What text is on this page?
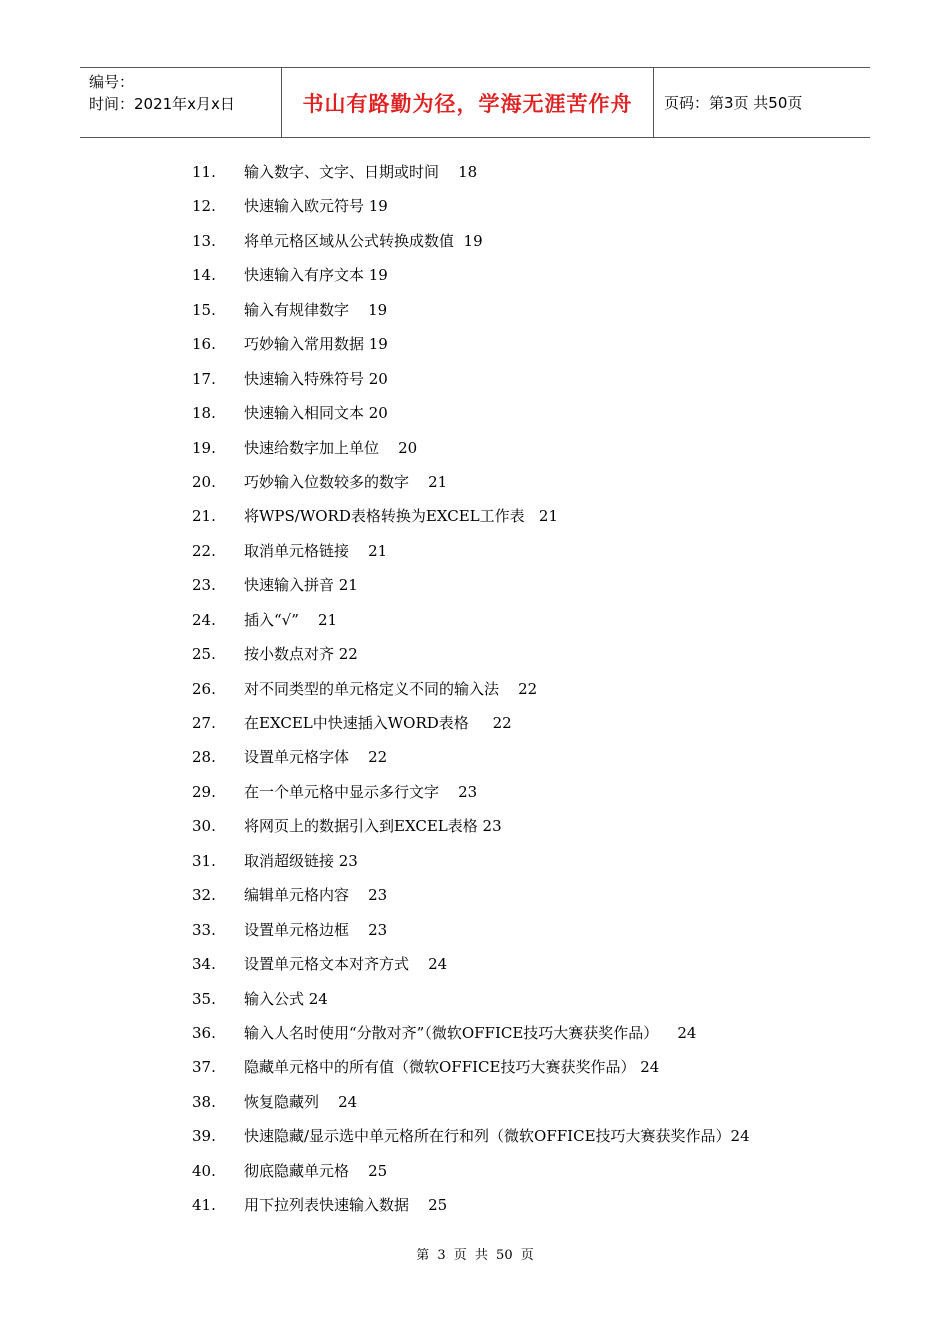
编号：
时间：2021年x月x日	书山有路勤为径，学海无涯苦作舟	页码：第3页 共50页
11. 输入数字、文字、日期或时间    18
12. 快速输入欧元符号 19
13. 将单元格区域从公式转换成数值  19
14. 快速输入有序文本 19
15. 输入有规律数字    19
16. 巧妙输入常用数据 19
17. 快速输入特殊符号 20
18. 快速输入相同文本 20
19. 快速给数字加上单位    20
20. 巧妙输入位数较多的数字    21
21. 将WPS/WORD表格转换为EXCEL工作表   21
22. 取消单元格链接    21
23. 快速输入拼音 21
24. 插入“√”    21
25. 按小数点对齐 22
26. 对不同类型的单元格定义不同的输入法    22
27. 在EXCEL中快速插入WORD表格     22
28. 设置单元格字体    22
29. 在一个单元格中显示多行文字    23
30. 将网页上的数据引入到EXCEL表格 23
31. 取消超级链接 23
32. 编辑单元格内容    23
33. 设置单元格边框    23
34. 设置单元格文本对齐方式    24
35. 输入公式 24
36. 输入人名时使用“分散对齐”（微软OFFICE技巧大赛获奖作品）    24
37. 隐藏单元格中的所有值（微软OFFICE技巧大赛获奖作品） 24
38. 恢复隐藏列    24
39. 快速隐藏/显示选中单元格所在行和列（微软OFFICE技巧大赛获奖作品）24
40. 彻底隐藏单元格    25
41. 用下拉列表快速输入数据    25
第 3 页 共 50 页
